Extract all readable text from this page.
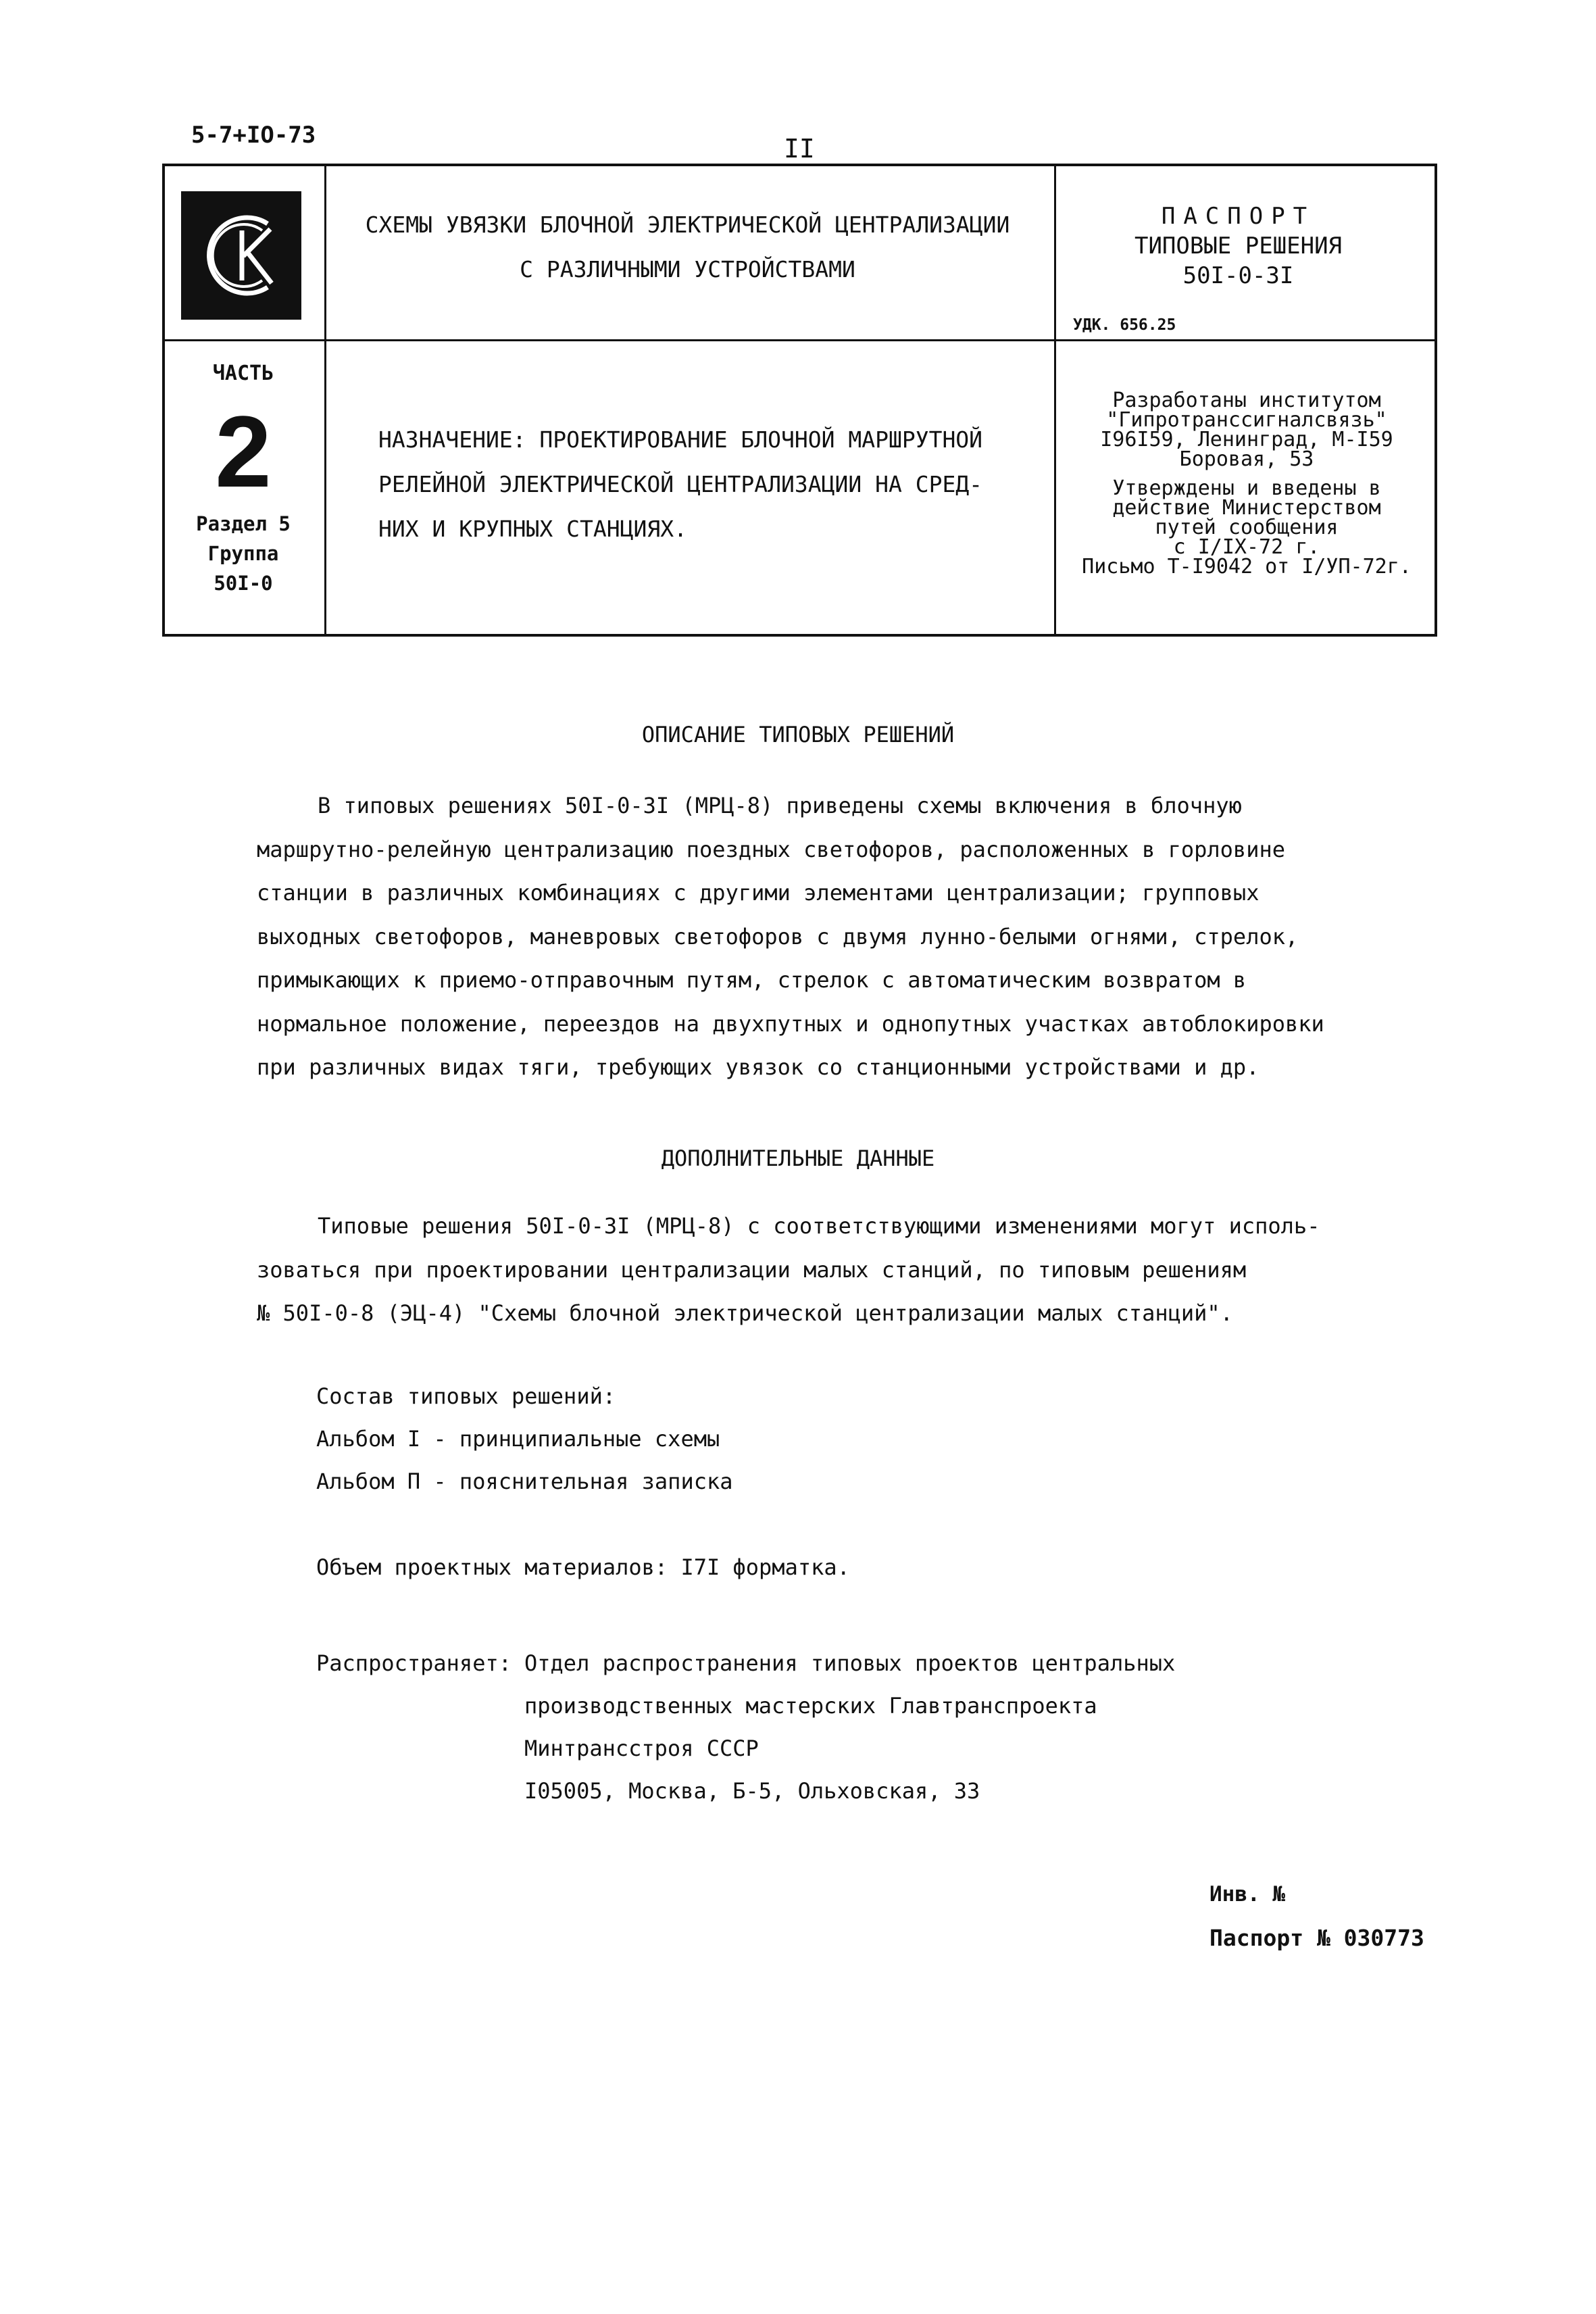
5-7+IO-73	II
СХЕМЫ УВЯЗКИ БЛОЧНОЙ ЭЛЕКТРИЧЕСКОЙ ЦЕНТРАЛИЗАЦИИ
С РАЗЛИЧНЫМИ УСТРОЙСТВАМИ
ПАСПОРТ
ТИПОВЫЕ РЕШЕНИЯ
50I-0-3I
УДК. 656.25
ЧАСТЬ
2
Раздел 5
Группа
50I-0
НАЗНАЧЕНИЕ: ПРОЕКТИРОВАНИЕ БЛОЧНОЙ МАРШРУТНОЙ
РЕЛЕЙНОЙ ЭЛЕКТРИЧЕСКОЙ ЦЕНТРАЛИЗАЦИИ НА СРЕД-
НИХ И КРУПНЫХ СТАНЦИЯХ.
Разработаны институтом
"Гипротранссигналсвязь"
I96I59, Ленинград, М-I59
Боровая, 53
Утверждены и введены в
действие Министерством
путей сообщения
с I/IX-72 г.
Письмо Т-I9042 от I/УП-72г.
ОПИСАНИЕ ТИПОВЫХ РЕШЕНИЙ

В типовых решениях 50I-0-3I (МРЦ-8) приведены схемы включения в блочную

маршрутно-релейную централизацию поездных светофоров, расположенных в горловине

станции в различных комбинациях с другими элементами централизации; групповых

выходных светофоров, маневровых светофоров с двумя лунно-белыми огнями, стрелок,

примыкающих к приемо-отправочным путям, стрелок с автоматическим возвратом в

нормальное положение, переездов на двухпутных и однопутных участках автоблокировки

при различных видах тяги, требующих увязок со станционными устройствами и др.

ДОПОЛНИТЕЛЬНЫЕ ДАННЫЕ

Типовые решения 50I-0-3I (МРЦ-8) с соответствующими изменениями могут исполь-

зоваться при проектировании централизации малых станций, по типовым решениям

№ 50I-0-8 (ЭЦ-4) "Схемы блочной электрической централизации малых станций".

Состав типовых решений:
Альбом I - принципиальные схемы
Альбом П - пояснительная записка
Объем проектных материалов: I7I форматка.
Распространяет: Отдел распространения типовых проектов центральных
производственных мастерских Главтранспроекта
Минтрансстроя СССР
I05005, Москва, Б-5, Ольховская, 33
Инв. №
Паспорт № 030773
